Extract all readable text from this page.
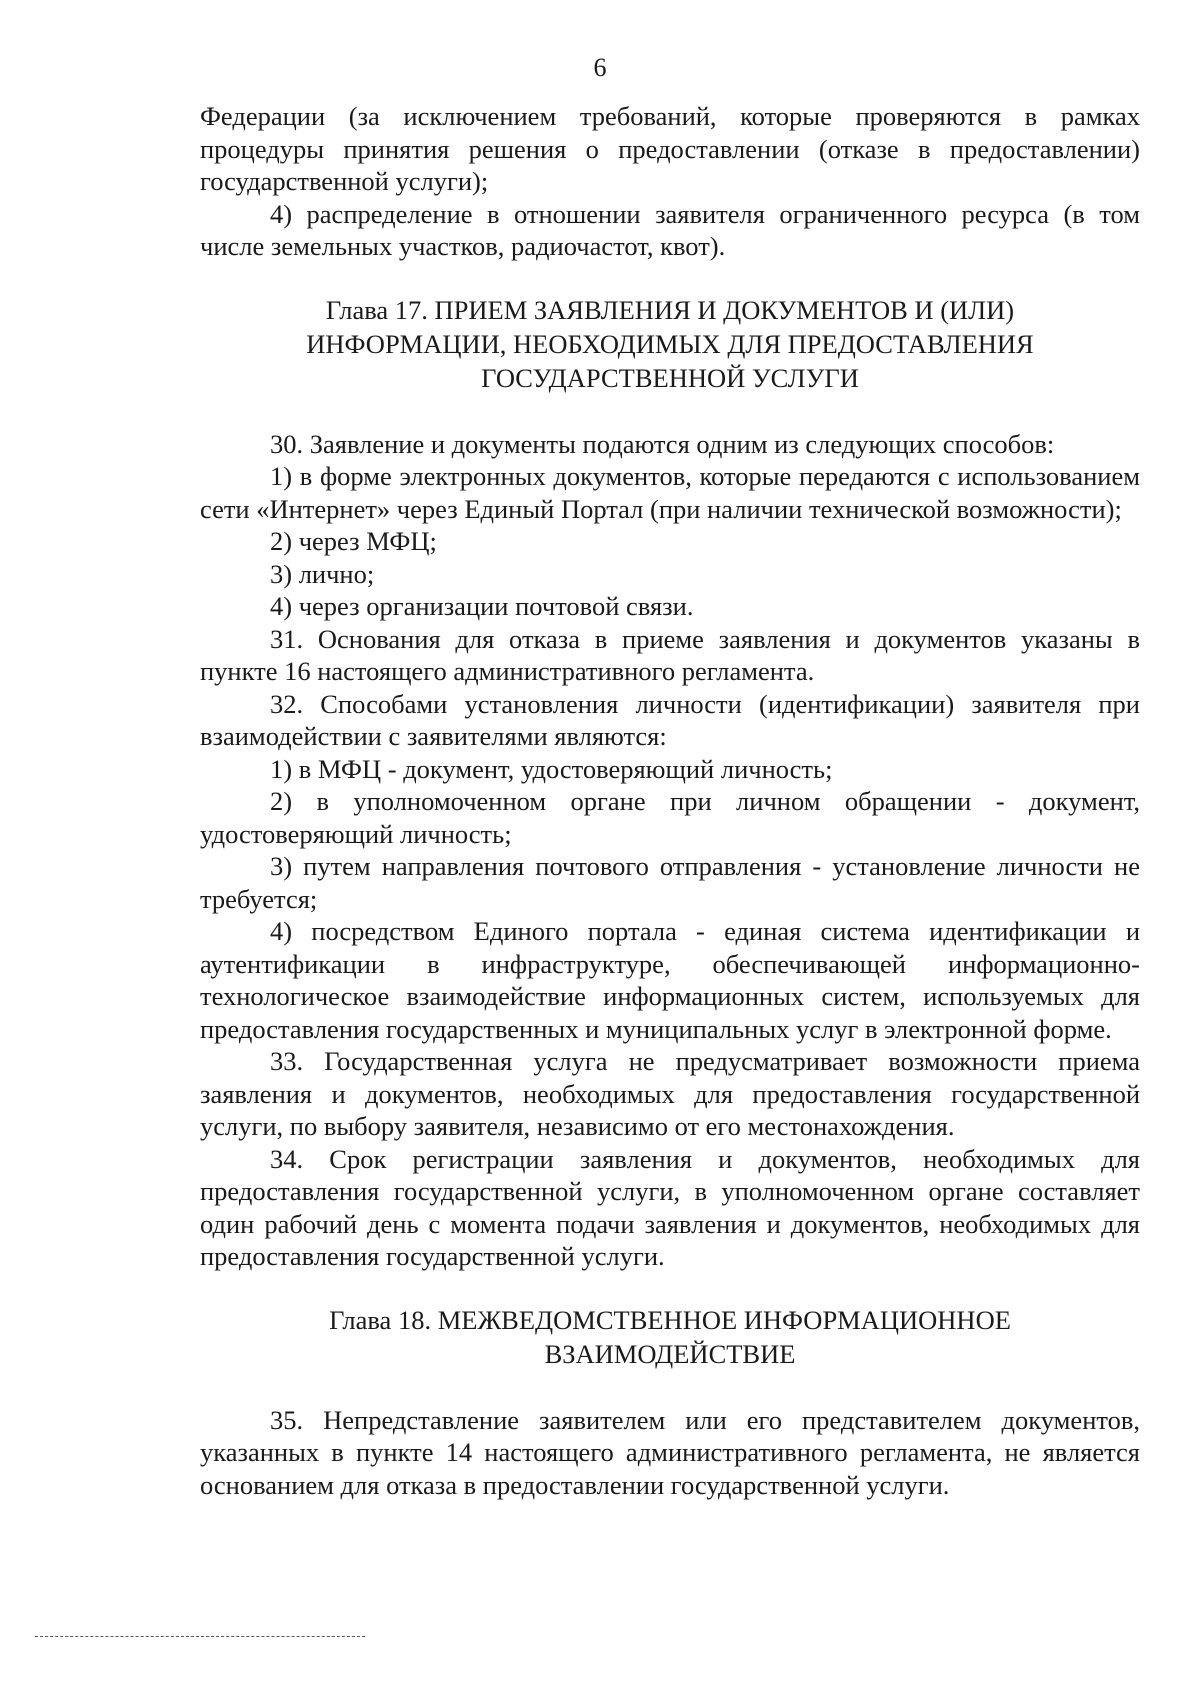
6

Федерации (за исключением требований, которые проверяются в рамках процедуры принятия решения о предоставлении (отказе в предоставлении) государственной услуги);

4) распределение в отношении заявителя ограниченного ресурса (в том числе земельных участков, радиочастот, квот).

Глава 17. ПРИЕМ ЗАЯВЛЕНИЯ И ДОКУМЕНТОВ И (ИЛИ)
ИНФОРМАЦИИ, НЕОБХОДИМЫХ ДЛЯ ПРЕДОСТАВЛЕНИЯ
ГОСУДАРСТВЕННОЙ УСЛУГИ

30. Заявление и документы подаются одним из следующих способов:

1) в форме электронных документов, которые передаются с использованием сети «Интернет» через Единый Портал (при наличии технической возможности);

2) через МФЦ;

3) лично;

4) через организации почтовой связи.

31. Основания для отказа в приеме заявления и документов указаны в пункте 16 настоящего административного регламента.

32. Способами установления личности (идентификации) заявителя при взаимодействии с заявителями являются:

1) в МФЦ - документ, удостоверяющий личность;

2) в уполномоченном органе при личном обращении - документ, удостоверяющий личность;

3) путем направления почтового отправления - установление личности не требуется;

4) посредством Единого портала - единая система идентификации и аутентификации в инфраструктуре, обеспечивающей информационно-технологическое взаимодействие информационных систем, используемых для предоставления государственных и муниципальных услуг в электронной форме.

33. Государственная услуга не предусматривает возможности приема заявления и документов, необходимых для предоставления государственной услуги, по выбору заявителя, независимо от его местонахождения.

34. Срок регистрации заявления и документов, необходимых для предоставления государственной услуги, в уполномоченном органе составляет один рабочий день с момента подачи заявления и документов, необходимых для предоставления государственной услуги.

Глава 18. МЕЖВЕДОМСТВЕННОЕ ИНФОРМАЦИОННОЕ
ВЗАИМОДЕЙСТВИЕ

35. Непредставление заявителем или его представителем документов, указанных в пункте 14 настоящего административного регламента, не является основанием для отказа в предоставлении государственной услуги.
